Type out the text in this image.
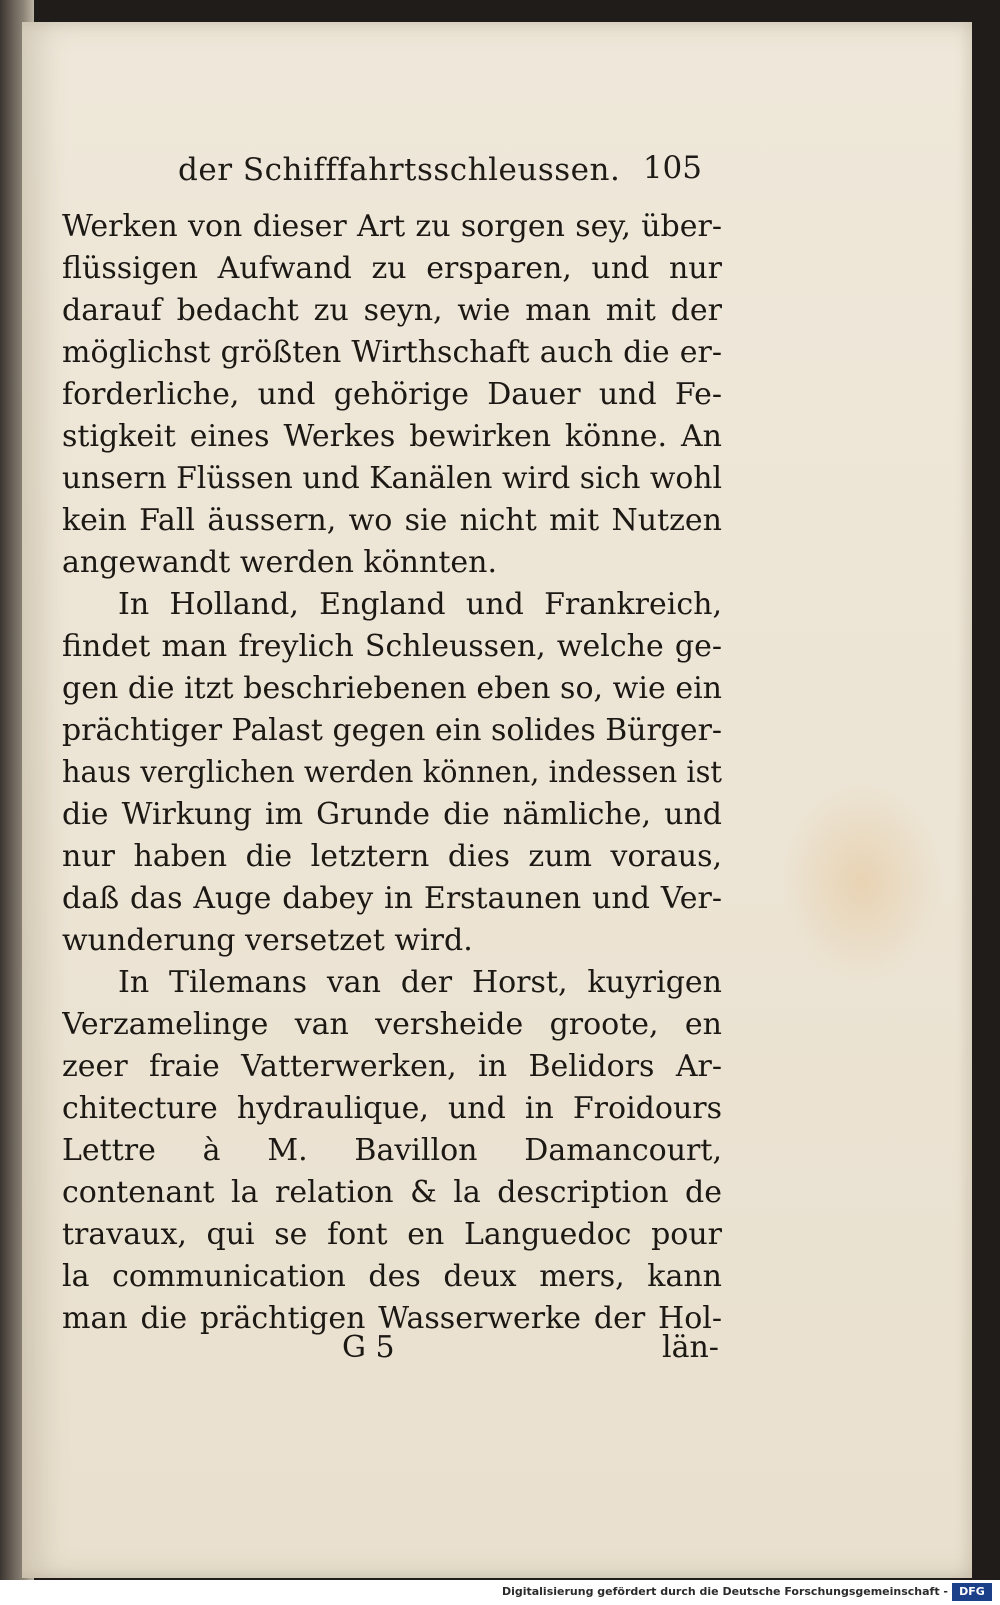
der Schifffahrtsschleussen. 105
Werken von dieser Art zu sorgen sey, über-
flüssigen Aufwand zu ersparen, und nur
darauf bedacht zu seyn, wie man mit der
möglichst größten Wirthschaft auch die er-
forderliche, und gehörige Dauer und Fe-
stigkeit eines Werkes bewirken könne. An
unsern Flüssen und Kanälen wird sich wohl
kein Fall äussern, wo sie nicht mit Nutzen
angewandt werden könnten.
In Holland, England und Frankreich,
findet man freylich Schleussen, welche ge-
gen die itzt beschriebenen eben so, wie ein
prächtiger Palast gegen ein solides Bürger-
haus verglichen werden können, indessen ist
die Wirkung im Grunde die nämliche, und
nur haben die letztern dies zum voraus,
daß das Auge dabey in Erstaunen und Ver-
wunderung versetzet wird.
In Tilemans van der Horst, kuyrigen
Verzamelinge van versheide groote, en
zeer fraie Vatterwerken, in Belidors Ar-
chitecture hydraulique, und in Froidours
Lettre à M. Bavillon Damancourt,
contenant la relation & la description de
travaux, qui se font en Languedoc pour
la communication des deux mers, kann
man die prächtigen Wasserwerke der Hol-
G 5	län-
Digitalisierung gefördert durch die Deutsche Forschungsgemeinschaft -	DFG
